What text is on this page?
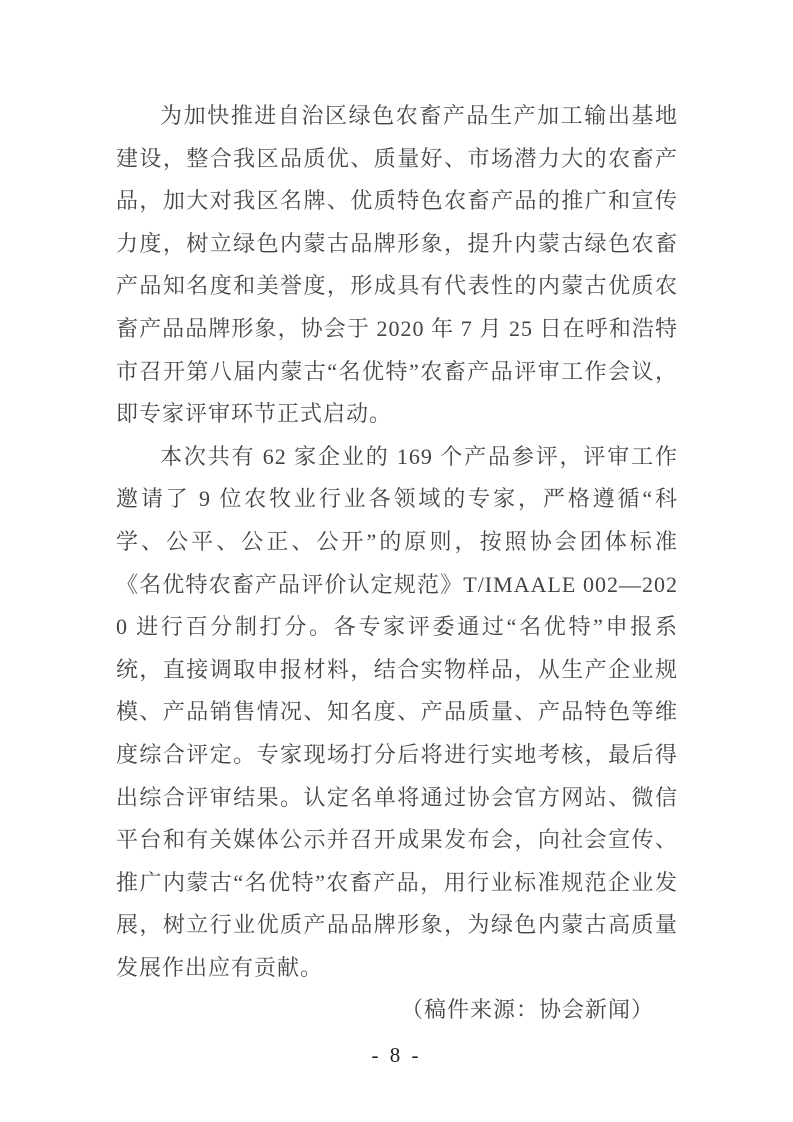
为加快推进自治区绿色农畜产品生产加工输出基地建设，整合我区品质优、质量好、市场潜力大的农畜产品，加大对我区名牌、优质特色农畜产品的推广和宣传力度，树立绿色内蒙古品牌形象，提升内蒙古绿色农畜产品知名度和美誉度，形成具有代表性的内蒙古优质农畜产品品牌形象，协会于 2020 年 7 月 25 日在呼和浩特市召开第八届内蒙古“名优特”农畜产品评审工作会议，即专家评审环节正式启动。

本次共有 62 家企业的 169 个产品参评，评审工作邀请了 9 位农牧业行业各领域的专家，严格遵循“科学、公平、公正、公开”的原则，按照协会团体标准《名优特农畜产品评价认定规范》T/IMAALE 002—2020 进行百分制打分。各专家评委通过“名优特”申报系统，直接调取申报材料，结合实物样品，从生产企业规模、产品销售情况、知名度、产品质量、产品特色等维度综合评定。专家现场打分后将进行实地考核，最后得出综合评审结果。认定名单将通过协会官方网站、微信平台和有关媒体公示并召开成果发布会，向社会宣传、推广内蒙古“名优特”农畜产品，用行业标准规范企业发展，树立行业优质产品品牌形象，为绿色内蒙古高质量发展作出应有贡献。

（稿件来源：协会新闻）

- 8 -
